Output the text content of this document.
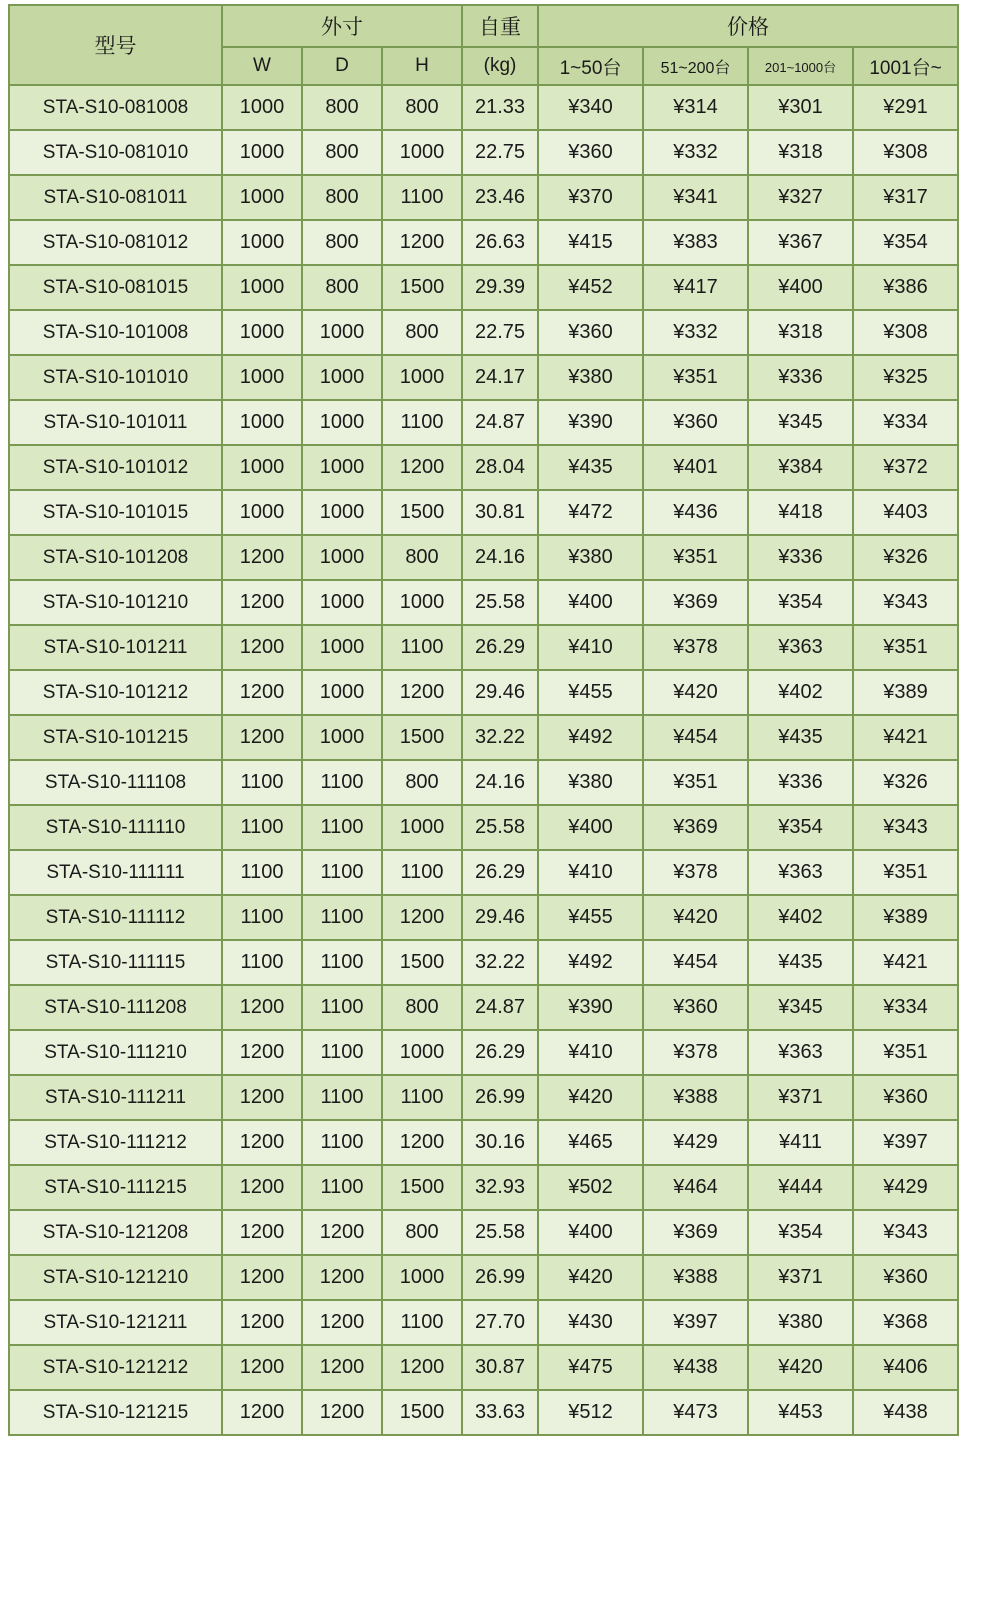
型号	外寸			自重	价格			
	W	D	H	(kg)	1~50台	51~200台	201~1000台	1001台~
STA-S10-081008	1000	800	800	21.33	¥340	¥314	¥301	¥291
STA-S10-081010	1000	800	1000	22.75	¥360	¥332	¥318	¥308
STA-S10-081011	1000	800	1100	23.46	¥370	¥341	¥327	¥317
STA-S10-081012	1000	800	1200	26.63	¥415	¥383	¥367	¥354
STA-S10-081015	1000	800	1500	29.39	¥452	¥417	¥400	¥386
STA-S10-101008	1000	1000	800	22.75	¥360	¥332	¥318	¥308
STA-S10-101010	1000	1000	1000	24.17	¥380	¥351	¥336	¥325
STA-S10-101011	1000	1000	1100	24.87	¥390	¥360	¥345	¥334
STA-S10-101012	1000	1000	1200	28.04	¥435	¥401	¥384	¥372
STA-S10-101015	1000	1000	1500	30.81	¥472	¥436	¥418	¥403
STA-S10-101208	1200	1000	800	24.16	¥380	¥351	¥336	¥326
STA-S10-101210	1200	1000	1000	25.58	¥400	¥369	¥354	¥343
STA-S10-101211	1200	1000	1100	26.29	¥410	¥378	¥363	¥351
STA-S10-101212	1200	1000	1200	29.46	¥455	¥420	¥402	¥389
STA-S10-101215	1200	1000	1500	32.22	¥492	¥454	¥435	¥421
STA-S10-111108	1100	1100	800	24.16	¥380	¥351	¥336	¥326
STA-S10-111110	1100	1100	1000	25.58	¥400	¥369	¥354	¥343
STA-S10-111111	1100	1100	1100	26.29	¥410	¥378	¥363	¥351
STA-S10-111112	1100	1100	1200	29.46	¥455	¥420	¥402	¥389
STA-S10-111115	1100	1100	1500	32.22	¥492	¥454	¥435	¥421
STA-S10-111208	1200	1100	800	24.87	¥390	¥360	¥345	¥334
STA-S10-111210	1200	1100	1000	26.29	¥410	¥378	¥363	¥351
STA-S10-111211	1200	1100	1100	26.99	¥420	¥388	¥371	¥360
STA-S10-111212	1200	1100	1200	30.16	¥465	¥429	¥411	¥397
STA-S10-111215	1200	1100	1500	32.93	¥502	¥464	¥444	¥429
STA-S10-121208	1200	1200	800	25.58	¥400	¥369	¥354	¥343
STA-S10-121210	1200	1200	1000	26.99	¥420	¥388	¥371	¥360
STA-S10-121211	1200	1200	1100	27.70	¥430	¥397	¥380	¥368
STA-S10-121212	1200	1200	1200	30.87	¥475	¥438	¥420	¥406
STA-S10-121215	1200	1200	1500	33.63	¥512	¥473	¥453	¥438
